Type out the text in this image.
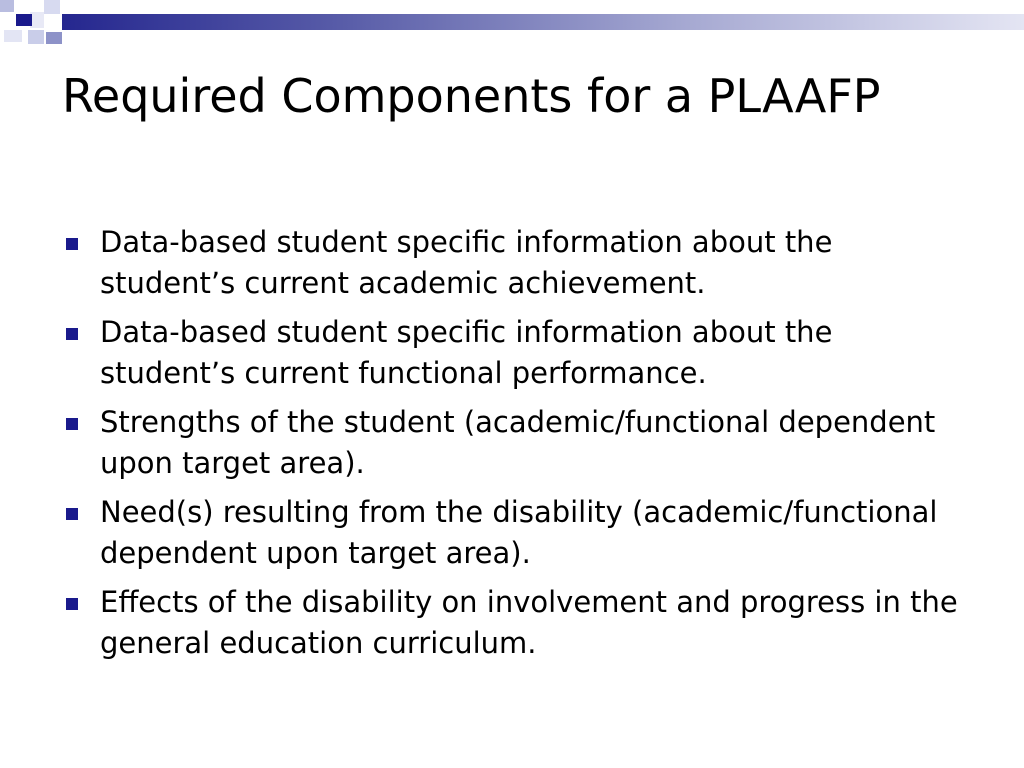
Required Components for a PLAAFP
Data-based student specific information about the student’s current academic achievement.
Data-based student specific information about the student’s current functional performance.
Strengths of the student (academic/functional dependent upon target area).
Need(s) resulting from the disability (academic/functional dependent upon target area).
Effects of the disability on involvement and progress in the general education curriculum.
